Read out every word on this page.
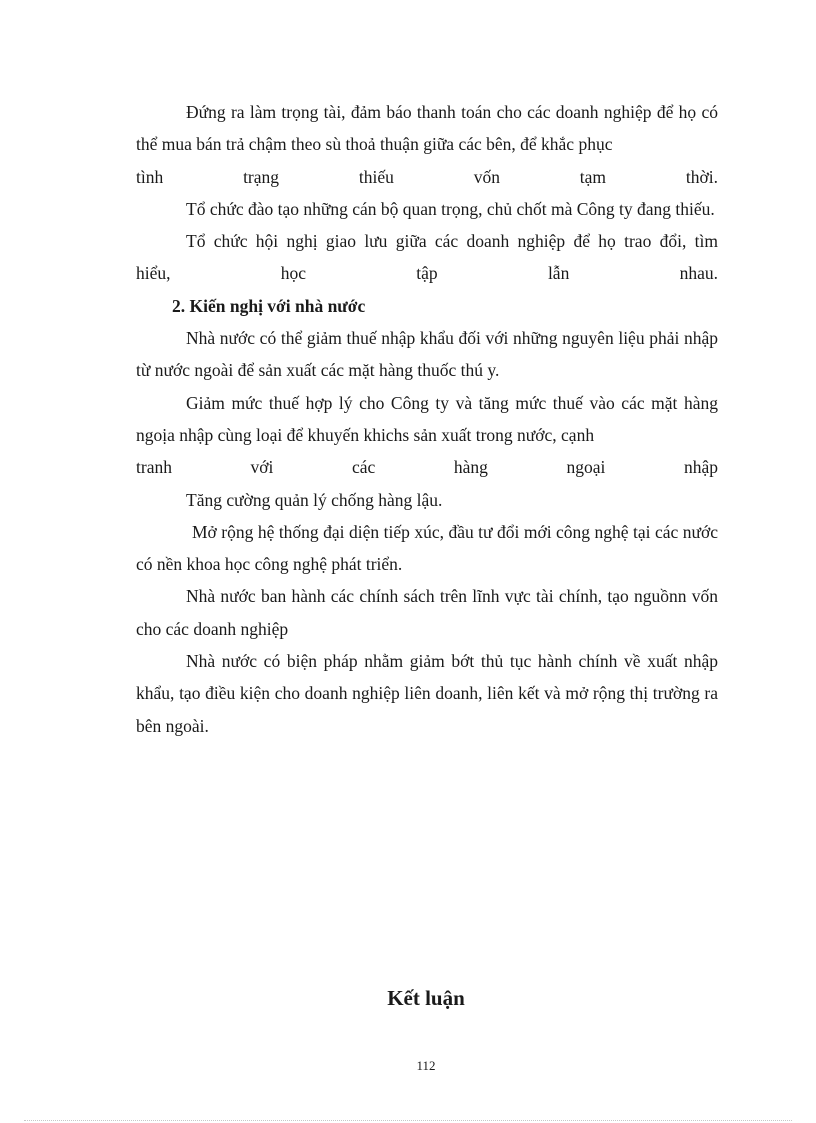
Đứng ra làm trọng tài, đảm báo thanh toán cho các doanh nghiệp để họ có thể mua bán trả chậm theo sù thoả thuận giữa các bên, để khắc phục

tình trạng thiếu vốn tạm thời.

Tổ chức đào tạo những cán bộ quan trọng, chủ chốt mà Công ty đang thiếu.

Tổ chức hội nghị giao lưu giữa các doanh nghiệp để họ trao đổi, tìm

hiểu, học tập lẫn nhau.

2. Kiến nghị với nhà nước

Nhà nước có thể giảm thuế nhập khẩu đối với những nguyên liệu phải nhập từ nước ngoài để sản xuất các mặt hàng thuốc thú y.

Giảm mức thuế hợp lý cho Công ty và tăng mức thuế vào các mặt hàng ngoịa nhập cùng loại để khuyến khichs sản xuất trong nước, cạnh

tranh với các hàng ngoại nhập

Tăng cường quản lý chống hàng lậu.

Mở rộng hệ thống đại diện tiếp xúc, đầu tư đổi mới công nghệ tại các nước có nền khoa học công nghệ phát triển.

Nhà nước ban hành các chính sách trên lĩnh vực tài chính, tạo nguồnn vốn cho các doanh nghiệp

Nhà nước có biện pháp nhằm giảm bớt thủ tục hành chính về xuất nhập khẩu, tạo điều kiện cho doanh nghiệp liên doanh, liên kết và mở rộng thị trường ra bên ngoài.

Kết luận
112
